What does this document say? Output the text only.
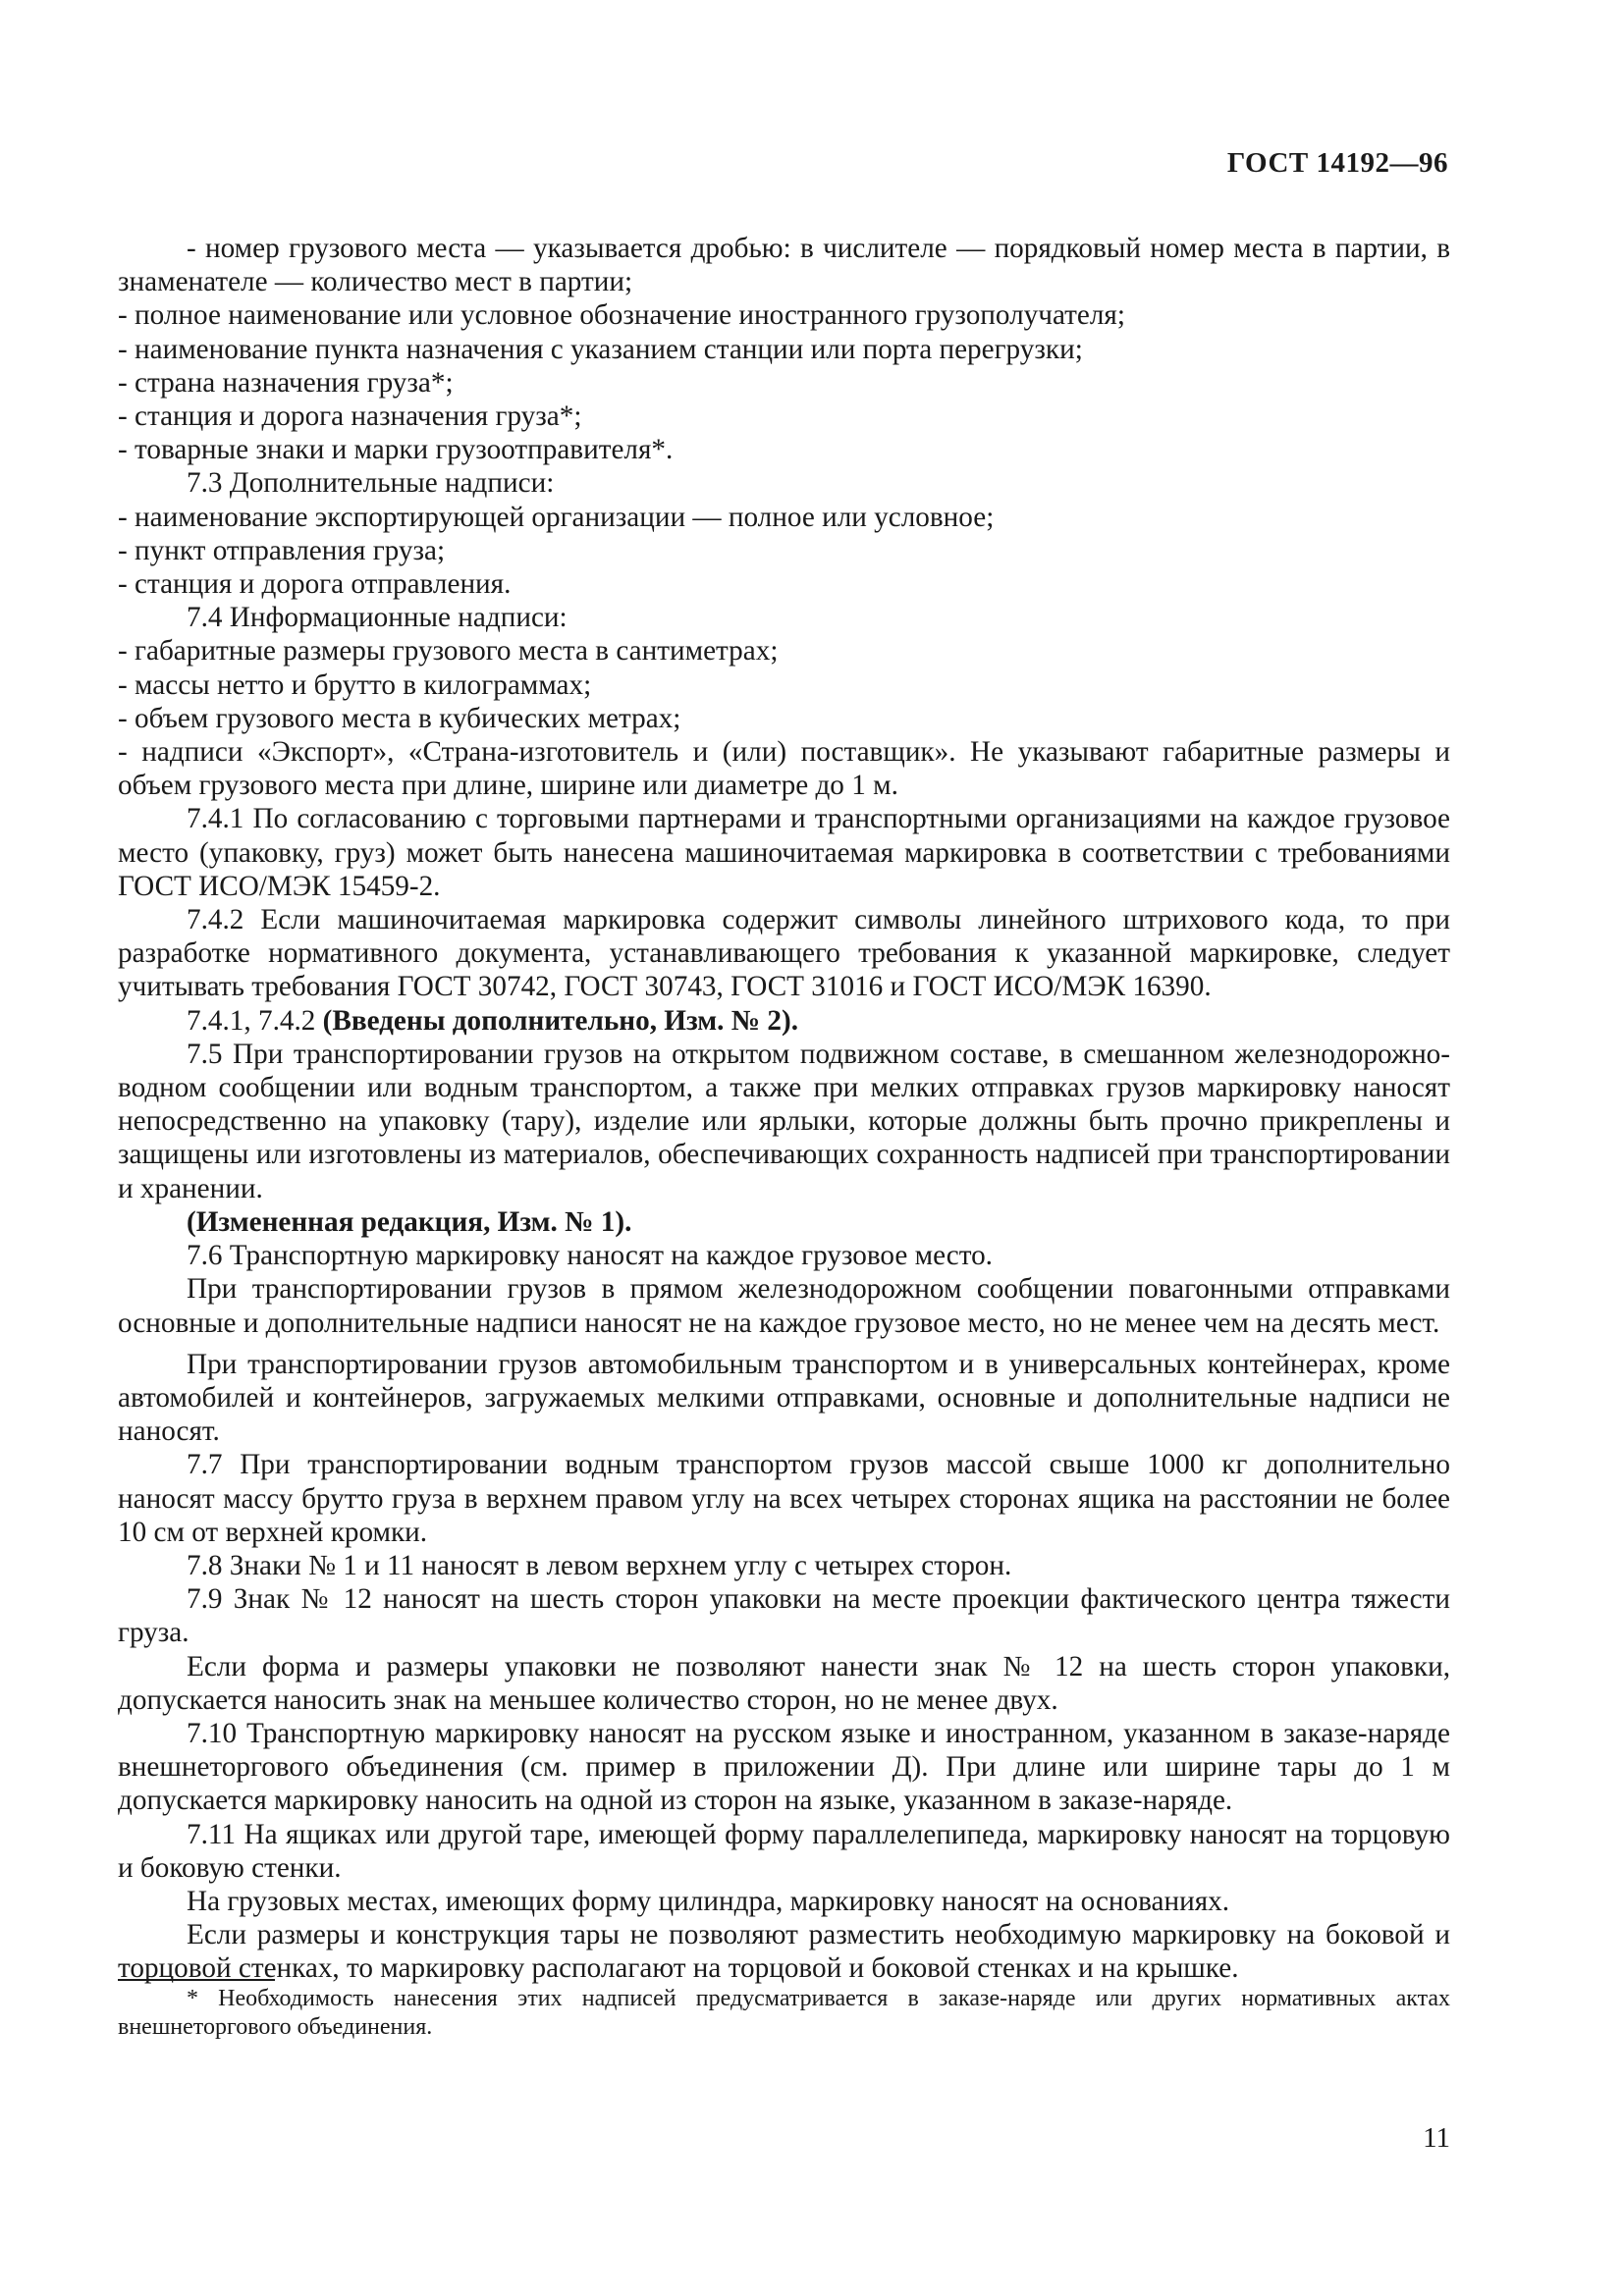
ГОСТ 14192—96

- номер грузового места — указывается дробью: в числителе — порядковый номер места в партии, в знаменателе — количество мест в партии;

- полное наименование или условное обозначение иностранного грузополучателя;

- наименование пункта назначения с указанием станции или порта перегрузки;

- страна назначения груза*;

- станция и дорога назначения груза*;

- товарные знаки и марки грузоотправителя*.

7.3 Дополнительные надписи:

- наименование экспортирующей организации — полное или условное;

- пункт отправления груза;

- станция и дорога отправления.

7.4 Информационные надписи:

- габаритные размеры грузового места в сантиметрах;

- массы нетто и брутто в килограммах;

- объем грузового места в кубических метрах;

- надписи «Экспорт», «Страна-изготовитель и (или) поставщик». Не указывают габаритные размеры и объем грузового места при длине, ширине или диаметре до 1 м.

7.4.1 По согласованию с торговыми партнерами и транспортными организациями на каждое грузовое место (упаковку, груз) может быть нанесена машиночитаемая маркировка в соответствии с требованиями ГОСТ ИСО/МЭК 15459-2.

7.4.2 Если машиночитаемая маркировка содержит символы линейного штрихового кода, то при разработке нормативного документа, устанавливающего требования к указанной маркировке, следует учитывать требования ГОСТ 30742, ГОСТ 30743, ГОСТ 31016 и ГОСТ ИСО/МЭК 16390.

7.4.1, 7.4.2 (Введены дополнительно, Изм. № 2).

7.5 При транспортировании грузов на открытом подвижном составе, в смешанном железнодорожно-водном сообщении или водным транспортом, а также при мелких отправках грузов маркировку наносят непосредственно на упаковку (тару), изделие или ярлыки, которые должны быть прочно прикреплены и защищены или изготовлены из материалов, обеспечивающих сохранность надписей при транспортировании и хранении.

(Измененная редакция, Изм. № 1).

7.6 Транспортную маркировку наносят на каждое грузовое место.

При транспортировании грузов в прямом железнодорожном сообщении повагонными отправками основные и дополнительные надписи наносят не на каждое грузовое место, но не менее чем на десять мест.

При транспортировании грузов автомобильным транспортом и в универсальных контейнерах, кроме автомобилей и контейнеров, загружаемых мелкими отправками, основные и дополнительные надписи не наносят.

7.7 При транспортировании водным транспортом грузов массой свыше 1000 кг дополнительно наносят массу брутто груза в верхнем правом углу на всех четырех сторонах ящика на расстоянии не более 10 см от верхней кромки.

7.8 Знаки № 1 и 11 наносят в левом верхнем углу с четырех сторон.

7.9 Знак № 12 наносят на шесть сторон упаковки на месте проекции фактического центра тяжести груза.

Если форма и размеры упаковки не позволяют нанести знак № 12 на шесть сторон упаковки, допускается наносить знак на меньшее количество сторон, но не менее двух.

7.10 Транспортную маркировку наносят на русском языке и иностранном, указанном в заказе-наряде внешнеторгового объединения (см. пример в приложении Д). При длине или ширине тары до 1 м допускается маркировку наносить на одной из сторон на языке, указанном в заказе-наряде.

7.11 На ящиках или другой таре, имеющей форму параллелепипеда, маркировку наносят на торцовую и боковую стенки.

На грузовых местах, имеющих форму цилиндра, маркировку наносят на основаниях.

Если размеры и конструкция тары не позволяют разместить необходимую маркировку на боковой и торцовой стенках, то маркировку располагают на торцовой и боковой стенках и на крышке.

* Необходимость нанесения этих надписей предусматривается в заказе-наряде или других нормативных актах внешнеторгового объединения.

11
